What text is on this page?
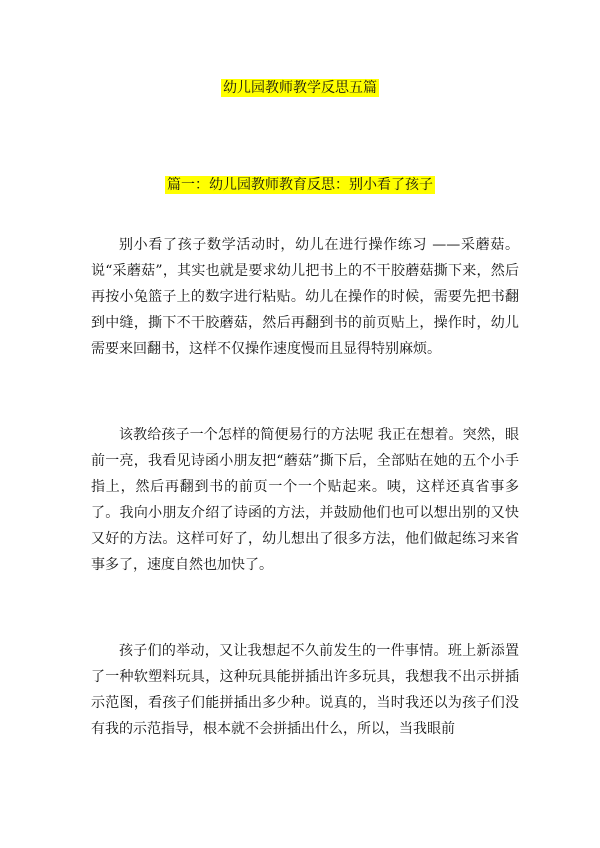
幼儿园教师教学反思五篇
篇一：幼儿园教师教育反思：别小看了孩子

别小看了孩子数学活动时，幼儿在进行操作练习 ——采蘑菇。说“采蘑菇”，其实也就是要求幼儿把书上的不干胶蘑菇撕下来，然后再按小兔篮子上的数字进行粘贴。幼儿在操作的时候，需要先把书翻到中缝，撕下不干胶蘑菇，然后再翻到书的前页贴上，操作时，幼儿需要来回翻书，这样不仅操作速度慢而且显得特别麻烦。

该教给孩子一个怎样的简便易行的方法呢 我正在想着。突然，眼前一亮，我看见诗函小朋友把“蘑菇”撕下后，全部贴在她的五个小手指上，然后再翻到书的前页一个一个贴起来。咦，这样还真省事多了。我向小朋友介绍了诗函的方法，并鼓励他们也可以想出别的又快又好的方法。这样可好了，幼儿想出了很多方法，他们做起练习来省事多了，速度自然也加快了。

孩子们的举动，又让我想起不久前发生的一件事情。班上新添置了一种软塑料玩具，这种玩具能拼插出许多玩具，我想我不出示拼插示范图，看孩子们能拼插出多少种。说真的，当时我还以为孩子们没有我的示范指导，根本就不会拼插出什么，所以，当我眼前
